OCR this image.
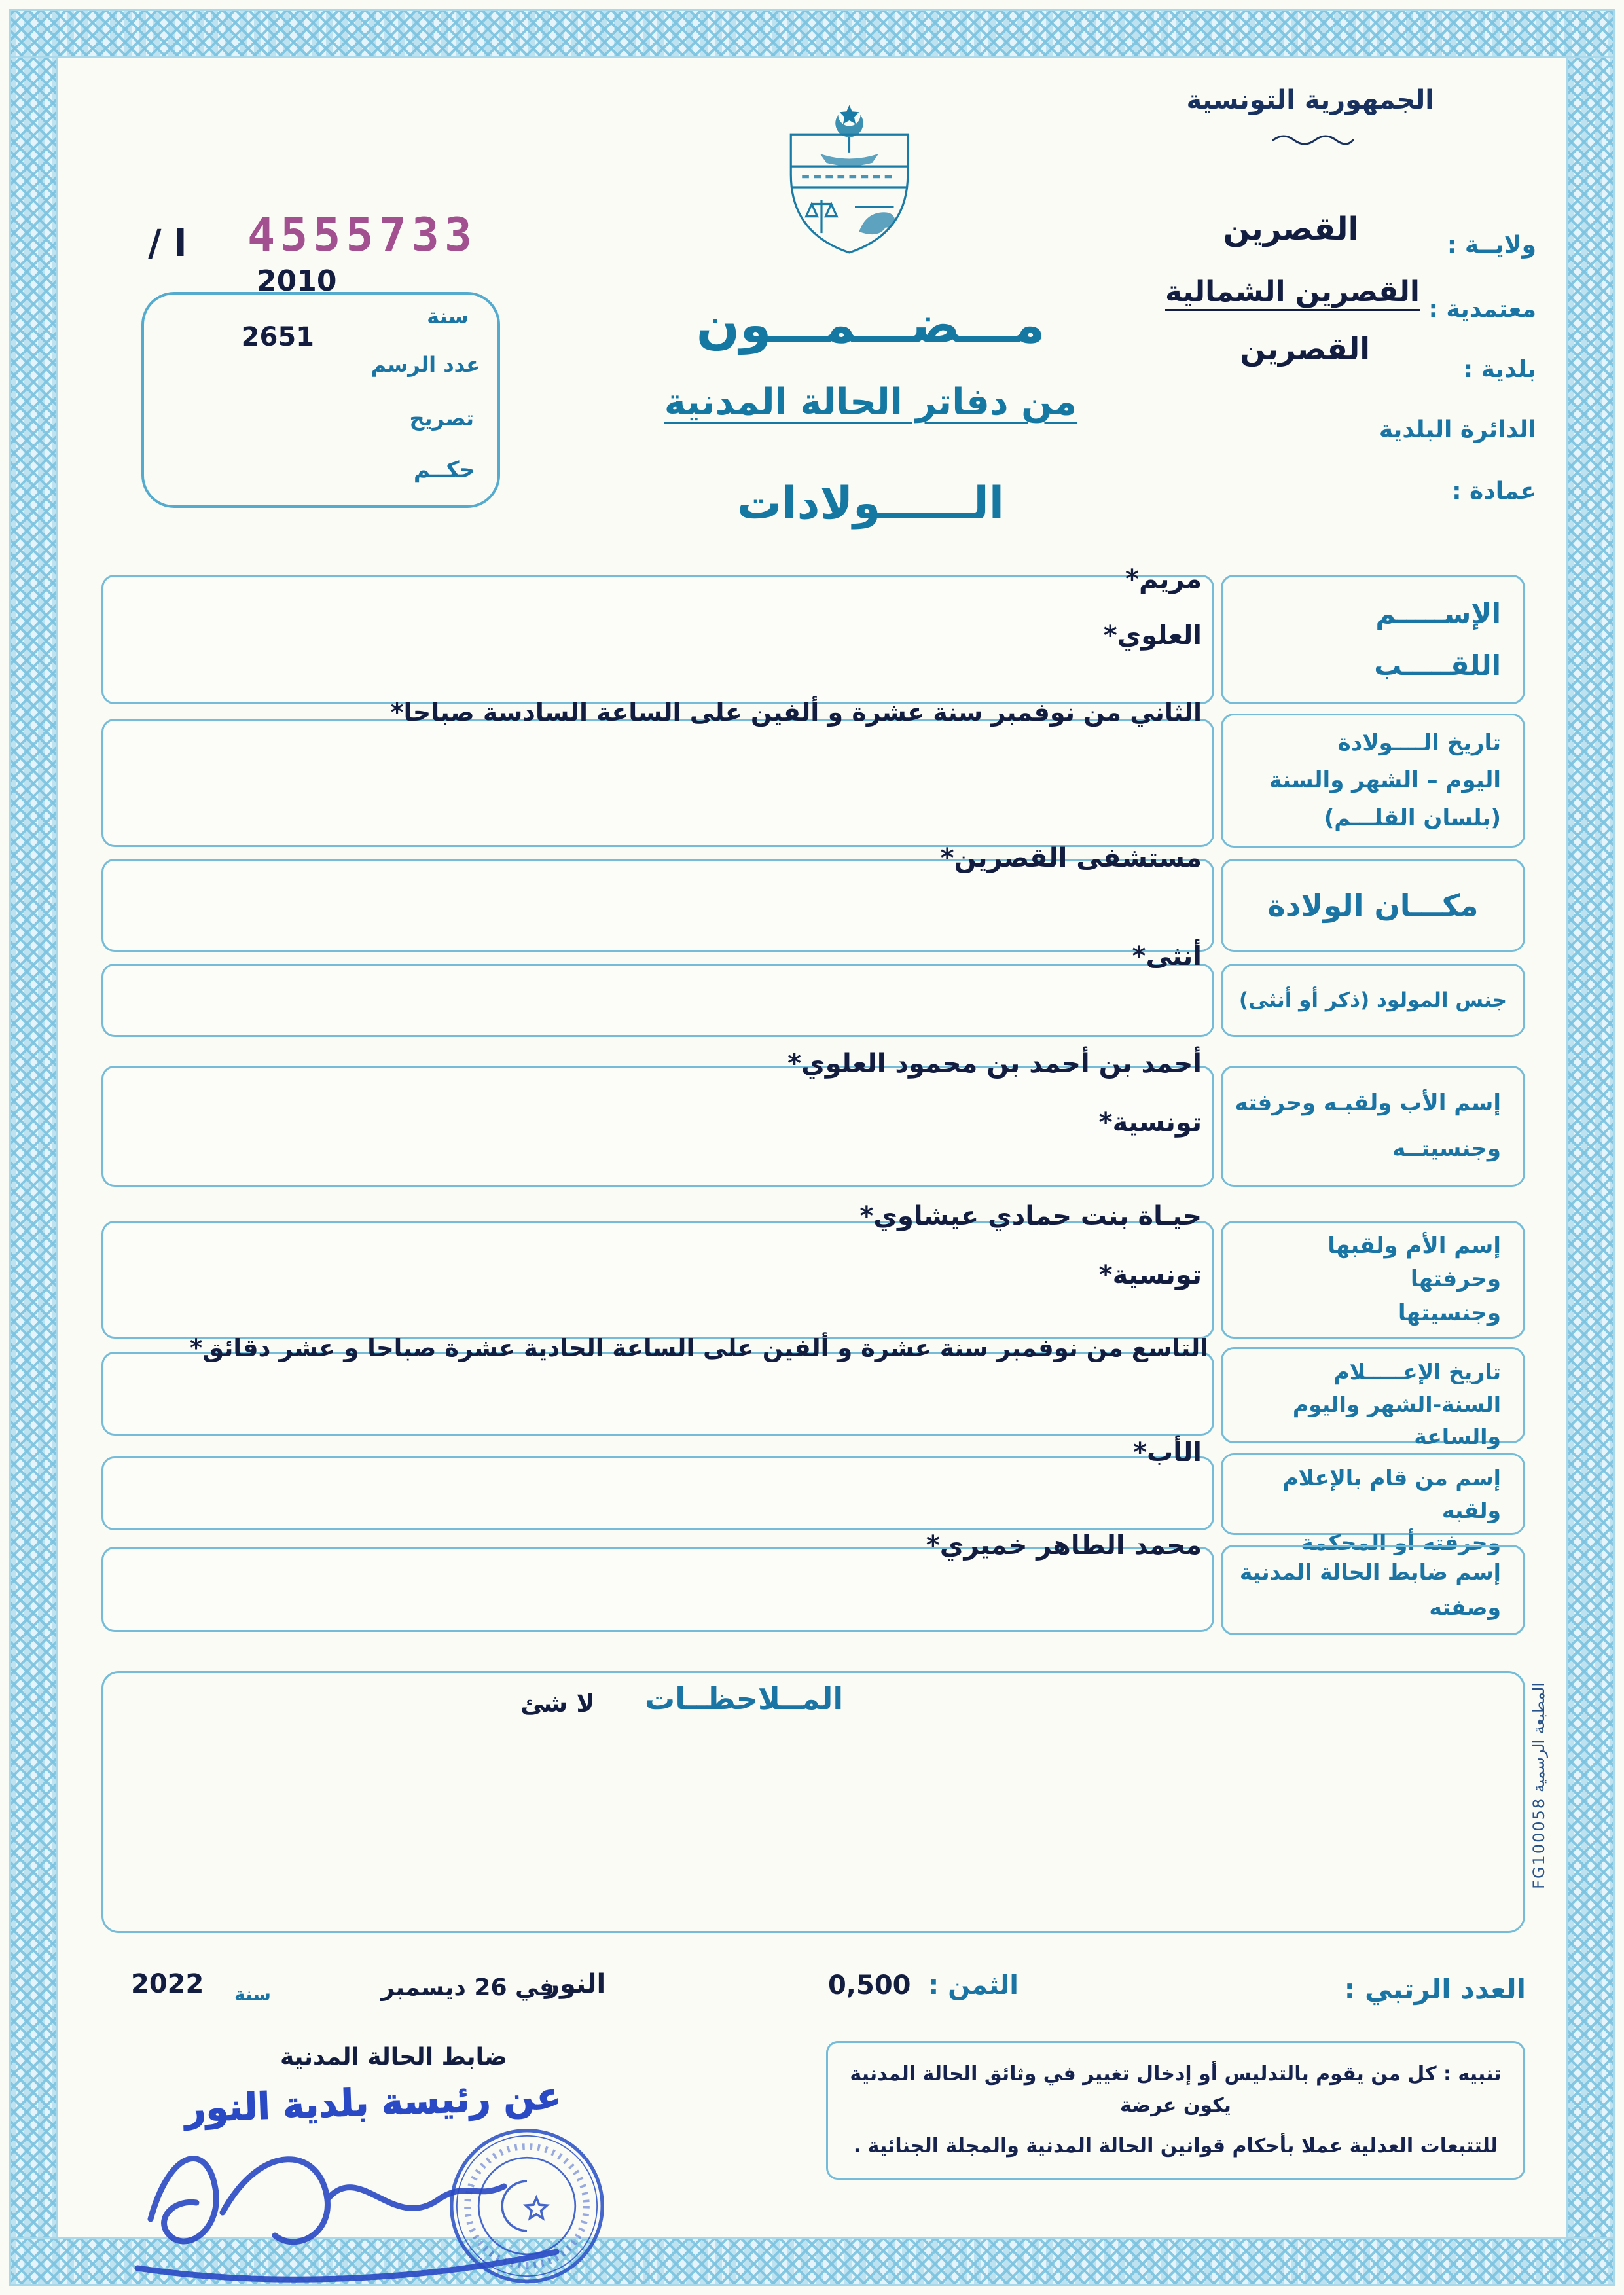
المطبعة الرسمية FG100058
الجمهورية التونسية
ا / 4555733
2010
سنة
2651
عدد الرسم
تصريح
حكــم
ولايــة :
القصرين
معتمدية :
القصرين الشمالية
بلدية :
القصرين
الدائرة البلدية
عمادة :
مـــضـــمـــون
من دفاتر الحالة المدنية
الــــــولادات
الإســـــم
اللقـــــب
مريم*
العلوي*
تاريخ الــــولادة
اليوم – الشهر والسنة
(بلسان القلـــم)
الثاني من نوفمبر سنة عشرة و ألفين على الساعة السادسة صباحا*
مكـــان الولادة
مستشفى القصرين*
جنس المولود (ذكر أو أنثى)
أنثى*
إسم الأب ولقبـه وحرفته
وجنسيتــه
أحمد بن أحمد بن محمود العلوي*
تونسية*
إسم الأم ولقبها وحرفتها
وجنسيتها
حيـاة بنت حمادي عيشاوي*
تونسية*
تاريخ الإعـــــلام
السنة-الشهر واليوم والساعة
التاسع من نوفمبر سنة عشرة و ألفين على الساعة الحادية عشرة صباحا و عشر دقائق*
إسم من قام بالإعلام ولقبه
وحرفته أو المحكمة
الأب*
إسم ضابط الحالة المدنية
وصفته
محمد الطاهر خميري*
المــلاحظــات
لا شئ
العدد الرتبي :
الثمن : 0,500
النور
في 26 ديسمبر
سنة
2022
ضابط الحالة المدنية
تنبيه : كل من يقوم بالتدليس أو إدخال تغيير في وثائق الحالة المدنية يكون عرضة
للتتبعات العدلية عملا بأحكام قوانين الحالة المدنية والمجلة الجنائية .
عن رئيسة بلدية النور
